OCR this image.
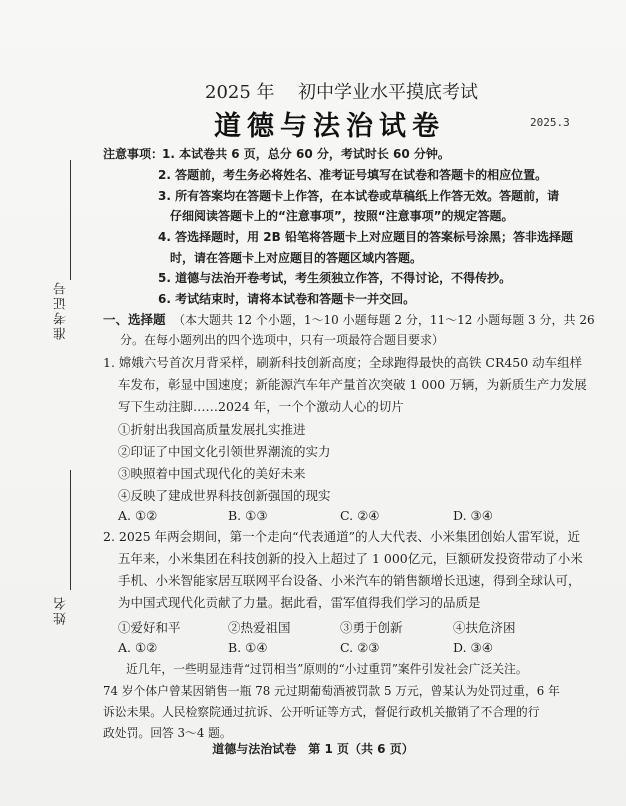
准考证号
姓名
2025 年 初中学业水平摸底考试
道德与法治试卷	2025.3
注意事项：
1. 本试卷共 6 页，总分 60 分，考试时长 60 分钟。
2. 答题前，考生务必将姓名、准考证号填写在试卷和答题卡的相应位置。
3. 所有答案均在答题卡上作答，在本试卷或草稿纸上作答无效。答题前，请
仔细阅读答题卡上的“注意事项”，按照“注意事项”的规定答题。
4. 答选择题时，用 2B 铅笔将答题卡上对应题目的答案标号涂黑；答非选择题
时，请在答题卡上对应题目的答题区域内答题。
5. 道德与法治开卷考试，考生须独立作答，不得讨论，不得传抄。
6. 考试结束时，请将本试卷和答题卡一并交回。
一、选择题 （本大题共 12 个小题，1～10 小题每题 2 分，11～12 小题每题 3 分，共 26
分。在每小题列出的四个选项中，只有一项最符合题目要求）
1. 嫦娥六号首次月背采样，刷新科技创新高度；全球跑得最快的高铁 CR450 动车组样
车发布，彰显中国速度；新能源汽车年产量首次突破 1 000 万辆，为新质生产力发展
写下生动注脚……2024 年，一个个激动人心的切片
①折射出我国高质量发展扎实推进
②印证了中国文化引领世界潮流的实力
③映照着中国式现代化的美好未来
④反映了建成世界科技创新强国的现实
A. ①②	B. ①③	C. ②④	D. ③④
2. 2025 年两会期间，第一个走向“代表通道”的人大代表、小米集团创始人雷军说，近
五年来，小米集团在科技创新的投入上超过了 1 000亿元，巨额研发投资带动了小米
手机、小米智能家居互联网平台设备、小米汽车的销售额增长迅速，得到全球认可，
为中国式现代化贡献了力量。据此看，雷军值得我们学习的品质是
①爱好和平	②热爱祖国	③勇于创新	④扶危济困
A. ①②	B. ①④	C. ②③	D. ③④
近几年，一些明显违背“过罚相当”原则的“小过重罚”案件引发社会广泛关注。
74 岁个体户曾某因销售一瓶 78 元过期葡萄酒被罚款 5 万元，曾某认为处罚过重，6 年
诉讼未果。人民检察院通过抗诉、公开听证等方式，督促行政机关撤销了不合理的行
政处罚。回答 3～4 题。
道德与法治试卷　第 1 页（共 6 页）
